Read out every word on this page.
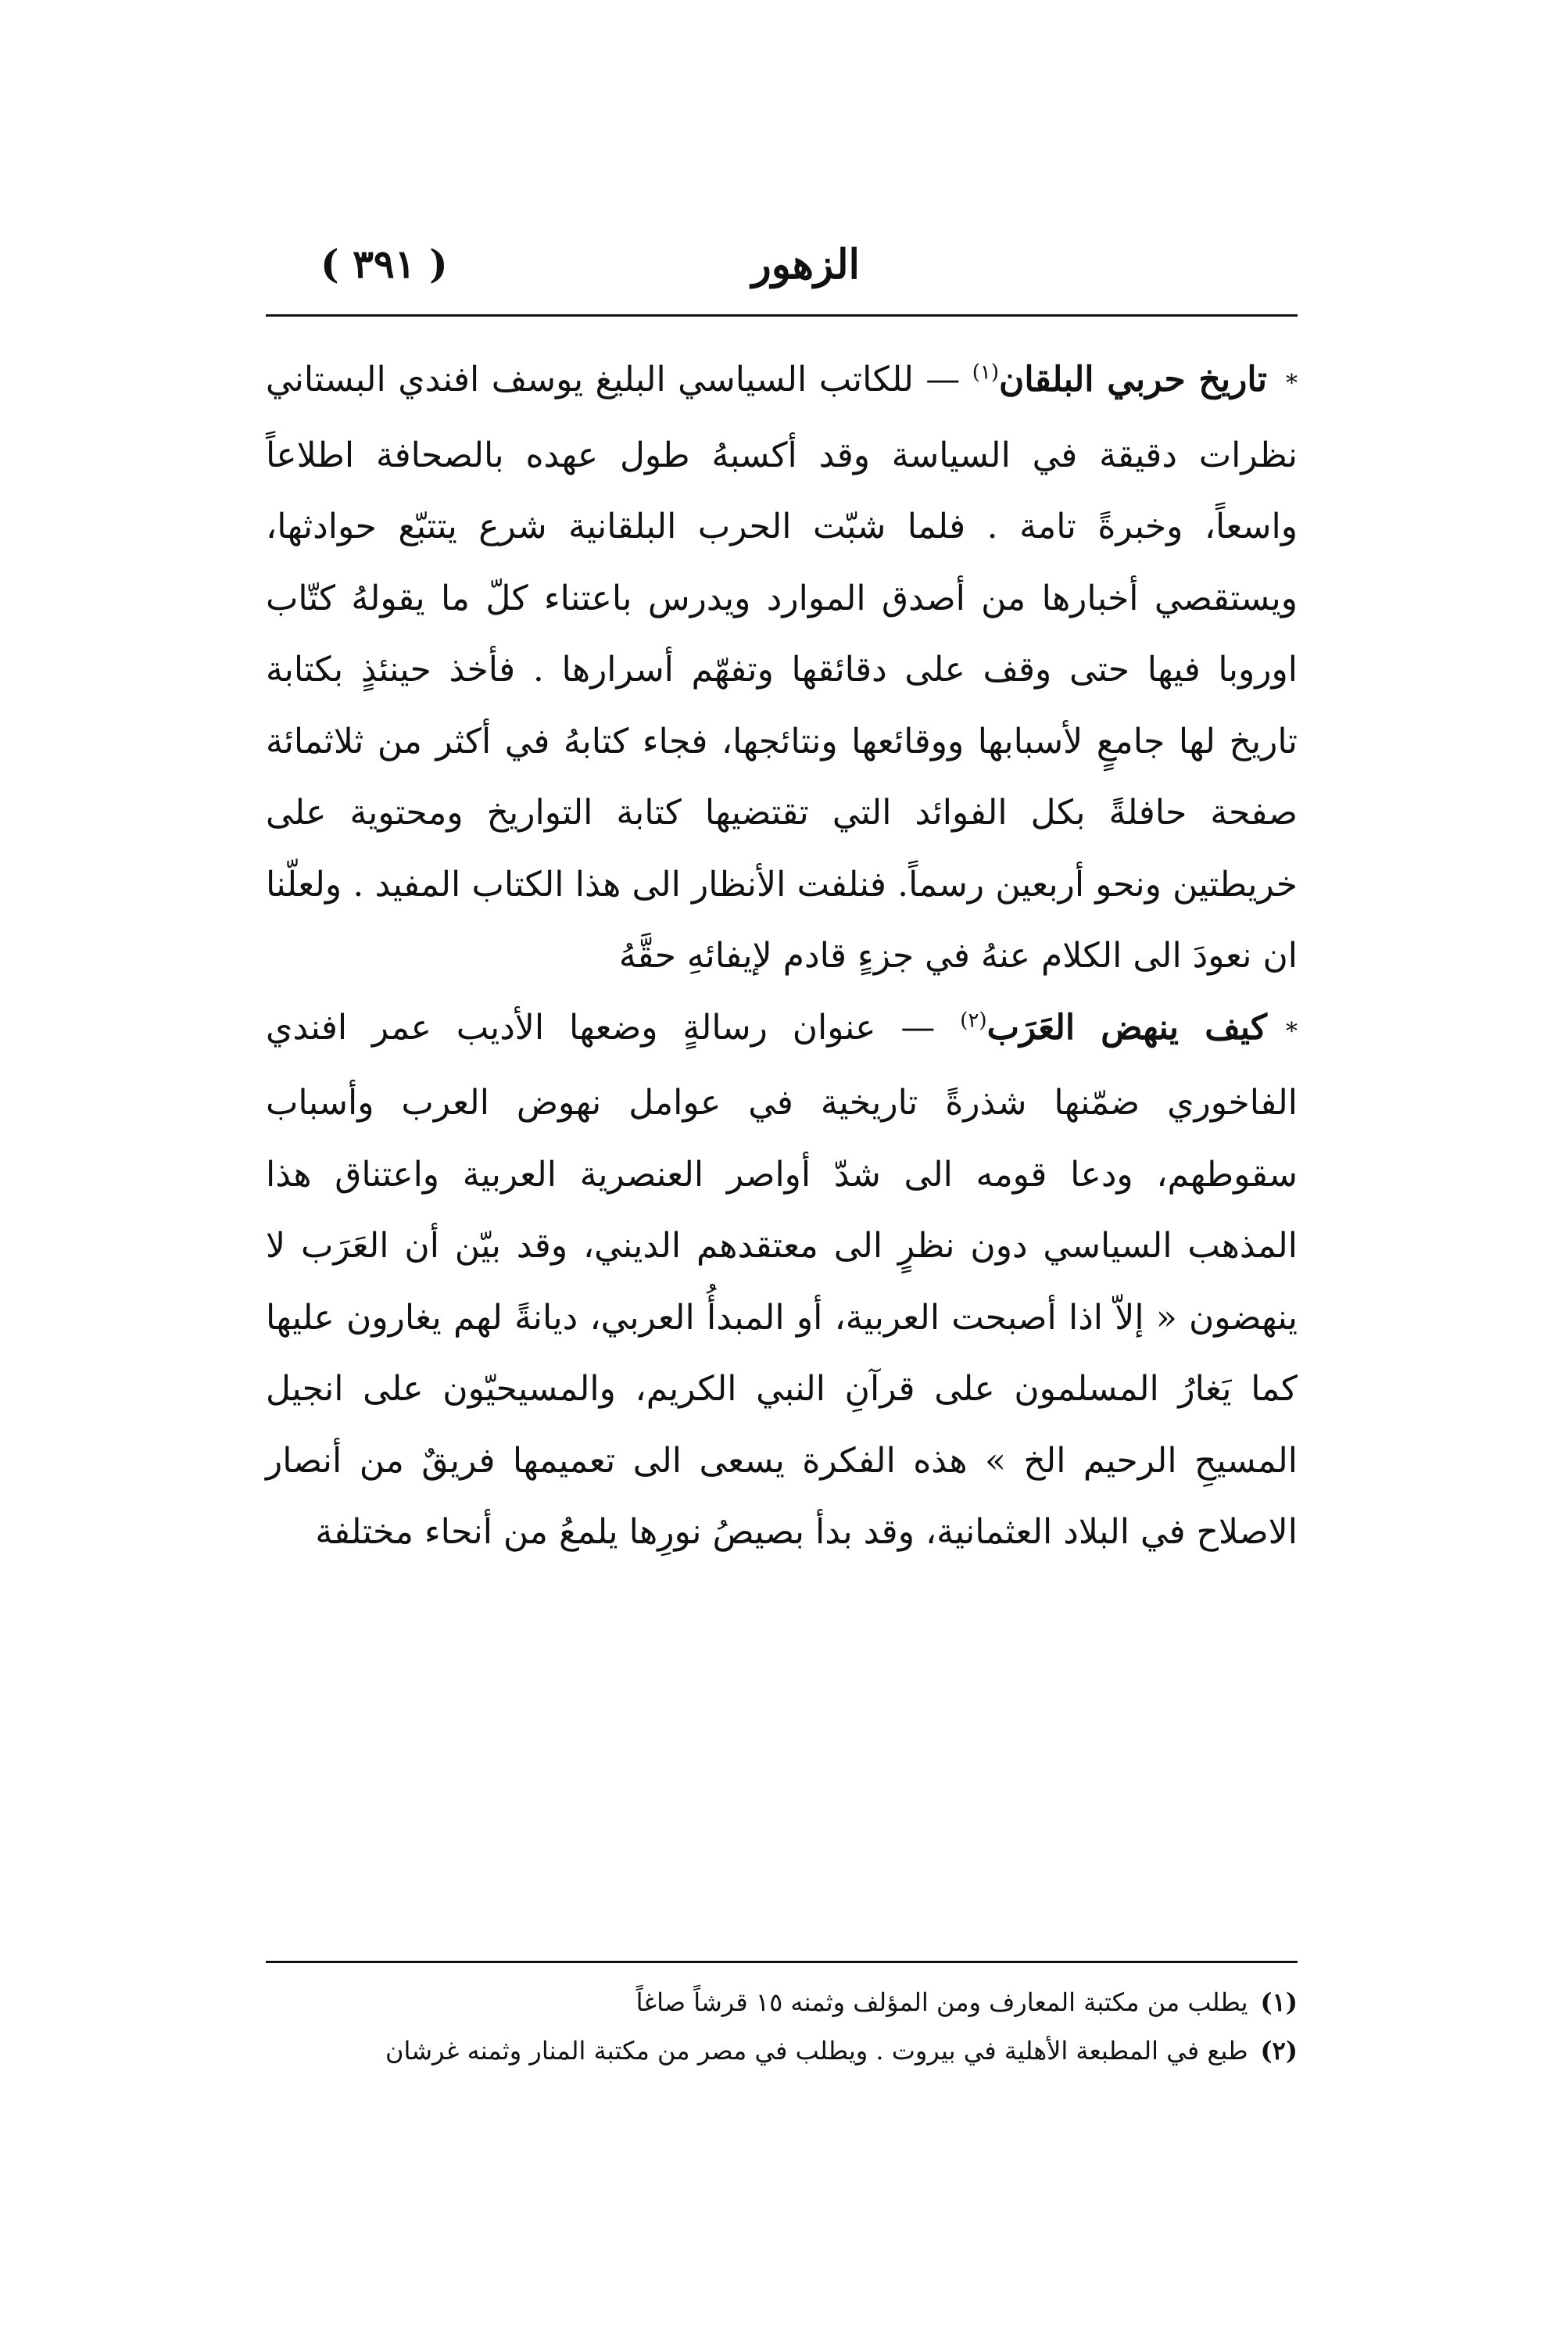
الزهور
( ٣٩١ )

*تاريخ حربي البلقان$^{(١)}$ — للكاتب السياسي البليغ يوسف افندي البستاني نظرات دقيقة في السياسة وقد أكسبهُ طول عهده بالصحافة اطلاعاً واسعاً، وخبرةً تامة . فلما شبّت الحرب البلقانية شرع يتتبّع حوادثها، ويستقصي أخبارها من أصدق الموارد ويدرس باعتناء كلّ ما يقولهُ كتّاب اوروبا فيها حتى وقف على دقائقها وتفهّم أسرارها . فأخذ حينئذٍ بكتابة تاريخ لها جامعٍ لأسبابها ووقائعها ونتائجها، فجاء كتابهُ في أكثر من ثلاثمائة صفحة حافلةً بكل الفوائد التي تقتضيها كتابة التواريخ ومحتوية على خريطتين ونحو أربعين رسماً. فنلفت الأنظار الى هذا الكتاب المفيد . ولعلّنا ان نعودَ الى الكلام عنهُ في جزءٍ قادم لإيفائهِ حقَّهُ

*كيف ينهض العَرَب$^{(٢)}$ — عنوان رسالةٍ وضعها الأديب عمر افندي الفاخوري ضمّنها شذرةً تاريخية في عوامل نهوض العرب وأسباب سقوطهم، ودعا قومه الى شدّ أواصر العنصرية العربية واعتناق هذا المذهب السياسي دون نظرٍ الى معتقدهم الديني، وقد بيّن أن العَرَب لا ينهضون « إلاّ اذا أصبحت العربية، أو المبدأُ العربي، ديانةً لهم يغارون عليها كما يَغارُ المسلمون على قرآنِ النبي الكريم، والمسيحيّون على انجيل المسيحِ الرحيم الخ » هذه الفكرة يسعى الى تعميمها فريقٌ من أنصار الاصلاح في البلاد العثمانية، وقد بدأ بصيصُ نورِها يلمعُ من أنحاء مختلفة

(١)يطلب من مكتبة المعارف ومن المؤلف وثمنه ١٥ قرشاً صاغاً

(٢)طبع في المطبعة الأهلية في بيروت . ويطلب في مصر من مكتبة المنار وثمنه غرشان
